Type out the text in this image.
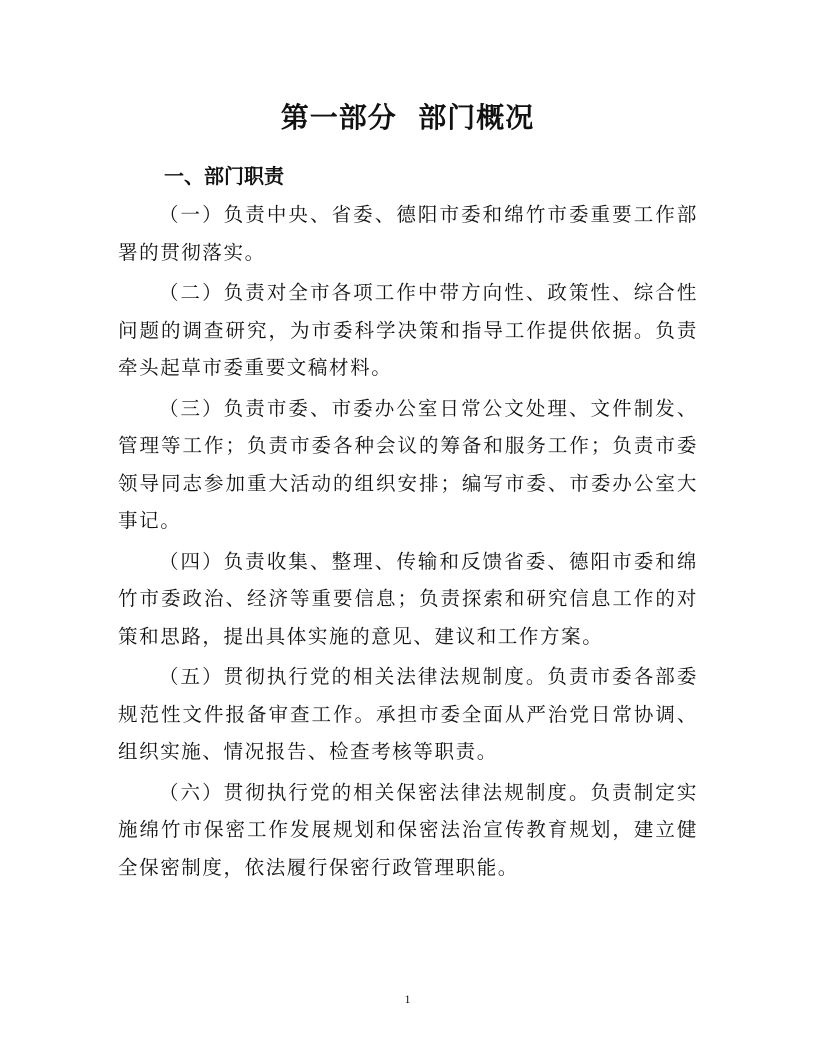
第一部分  部门概况
一、部门职责

（一）负责中央、省委、德阳市委和绵竹市委重要工作部署的贯彻落实。

（二）负责对全市各项工作中带方向性、政策性、综合性问题的调查研究，为市委科学决策和指导工作提供依据。负责牵头起草市委重要文稿材料。

（三）负责市委、市委办公室日常公文处理、文件制发、管理等工作；负责市委各种会议的筹备和服务工作；负责市委领导同志参加重大活动的组织安排；编写市委、市委办公室大事记。

（四）负责收集、整理、传输和反馈省委、德阳市委和绵竹市委政治、经济等重要信息；负责探索和研究信息工作的对策和思路，提出具体实施的意见、建议和工作方案。

（五）贯彻执行党的相关法律法规制度。负责市委各部委规范性文件报备审查工作。承担市委全面从严治党日常协调、组织实施、情况报告、检查考核等职责。

（六）贯彻执行党的相关保密法律法规制度。负责制定实施绵竹市保密工作发展规划和保密法治宣传教育规划，建立健全保密制度，依法履行保密行政管理职能。

1
